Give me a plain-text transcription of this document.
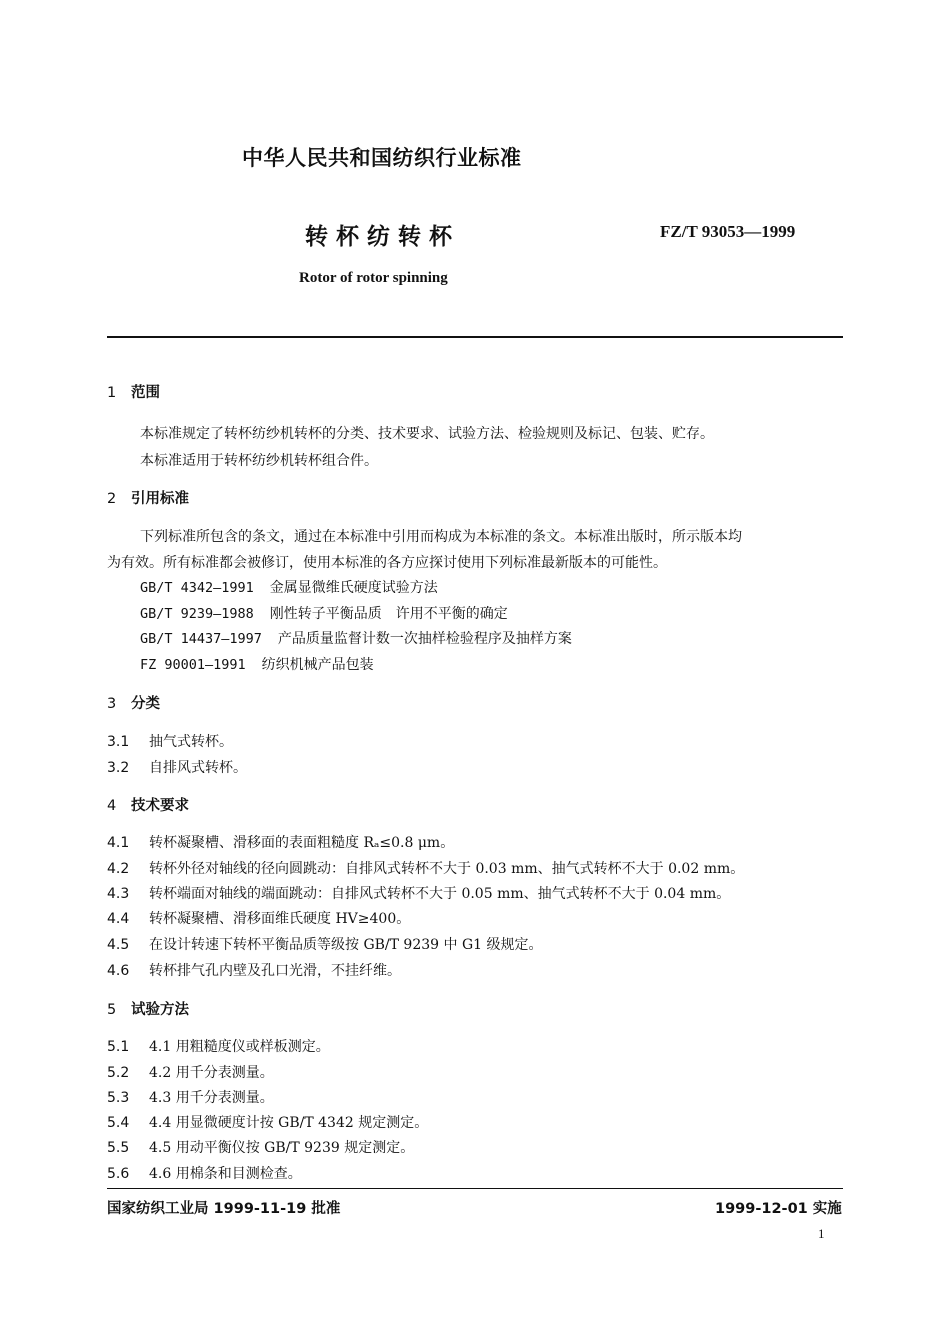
中华人民共和国纺织行业标准
转杯纺转杯	FZ/T 93053—1999
Rotor of rotor spinning
1 范围
本标准规定了转杯纺纱机转杯的分类、技术要求、试验方法、检验规则及标记、包装、贮存。
本标准适用于转杯纺纱机转杯组合件。
2 引用标准
下列标准所包含的条文，通过在本标准中引用而构成为本标准的条文。本标准出版时，所示版本均
为有效。所有标准都会被修订，使用本标准的各方应探讨使用下列标准最新版本的可能性。
GB/T 4342—1991 金属显微维氏硬度试验方法
GB/T 9239—1988 刚性转子平衡品质　许用不平衡的确定
GB/T 14437—1997 产品质量监督计数一次抽样检验程序及抽样方案
FZ 90001—1991 纺织机械产品包装
3 分类
3.1 抽气式转杯。
3.2 自排风式转杯。
4 技术要求
4.1 转杯凝聚槽、滑移面的表面粗糙度 Rₐ≤0.8 μm。
4.2 转杯外径对轴线的径向圆跳动：自排风式转杯不大于 0.03 mm、抽气式转杯不大于 0.02 mm。
4.3 转杯端面对轴线的端面跳动：自排风式转杯不大于 0.05 mm、抽气式转杯不大于 0.04 mm。
4.4 转杯凝聚槽、滑移面维氏硬度 HV≥400。
4.5 在设计转速下转杯平衡品质等级按 GB/T 9239 中 G1 级规定。
4.6 转杯排气孔内壁及孔口光滑，不挂纤维。
5 试验方法
5.1 4.1 用粗糙度仪或样板测定。
5.2 4.2 用千分表测量。
5.3 4.3 用千分表测量。
5.4 4.4 用显微硬度计按 GB/T 4342 规定测定。
5.5 4.5 用动平衡仪按 GB/T 9239 规定测定。
5.6 4.6 用棉条和目测检查。
国家纺织工业局 1999-11-19 批准	1999-12-01 实施
1
